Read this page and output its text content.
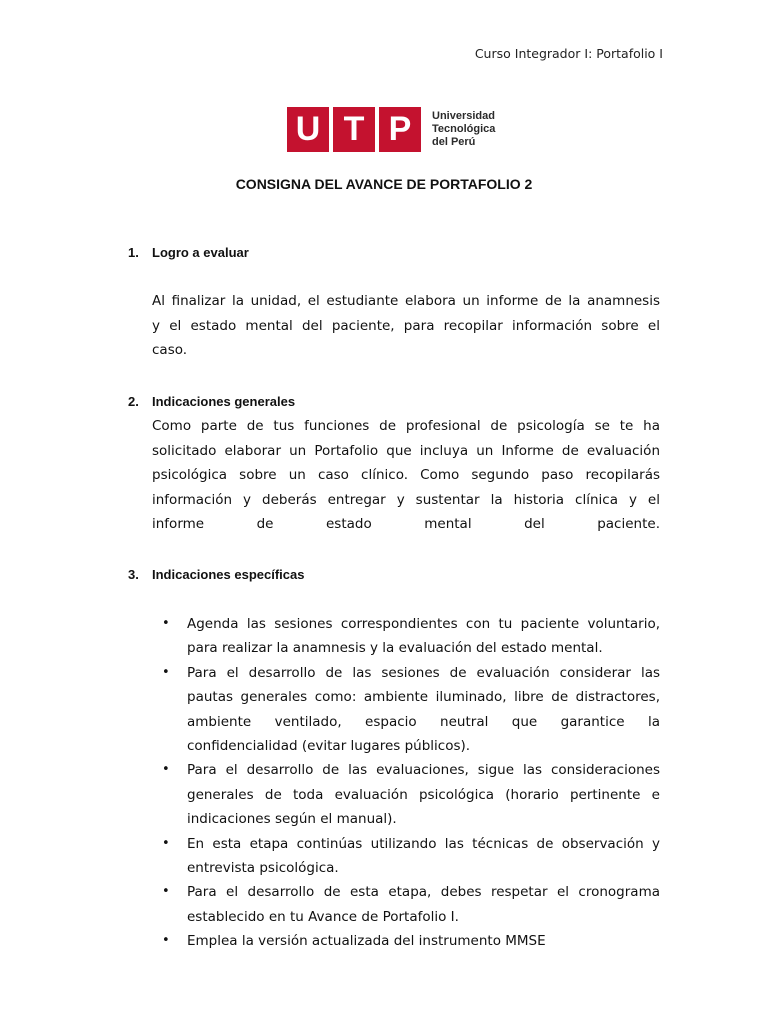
Curso Integrador I: Portafolio I
U T P	Universidad
Tecnológica
del Perú
CONSIGNA DEL AVANCE DE PORTAFOLIO 2
1. Logro a evaluar
Al finalizar la unidad, el estudiante elabora un informe de la anamnesis
y el estado mental del paciente, para recopilar información sobre el
caso.
2. Indicaciones generales
Como parte de tus funciones de profesional de psicología se te ha
solicitado elaborar un Portafolio que incluya un Informe de evaluación
psicológica sobre un caso clínico. Como segundo paso recopilarás
información y deberás entregar y sustentar la historia clínica y el
informe de estado mental del paciente.
3. Indicaciones específicas
• Agenda las sesiones correspondientes con tu paciente voluntario,
para realizar la anamnesis y la evaluación del estado mental.
• Para el desarrollo de las sesiones de evaluación considerar las
pautas generales como: ambiente iluminado, libre de distractores,
ambiente ventilado, espacio neutral que garantice la
confidencialidad (evitar lugares públicos).
• Para el desarrollo de las evaluaciones, sigue las consideraciones
generales de toda evaluación psicológica (horario pertinente e
indicaciones según el manual).
• En esta etapa continúas utilizando las técnicas de observación y
entrevista psicológica.
• Para el desarrollo de esta etapa, debes respetar el cronograma
establecido en tu Avance de Portafolio I.
• Emplea la versión actualizada del instrumento MMSE
